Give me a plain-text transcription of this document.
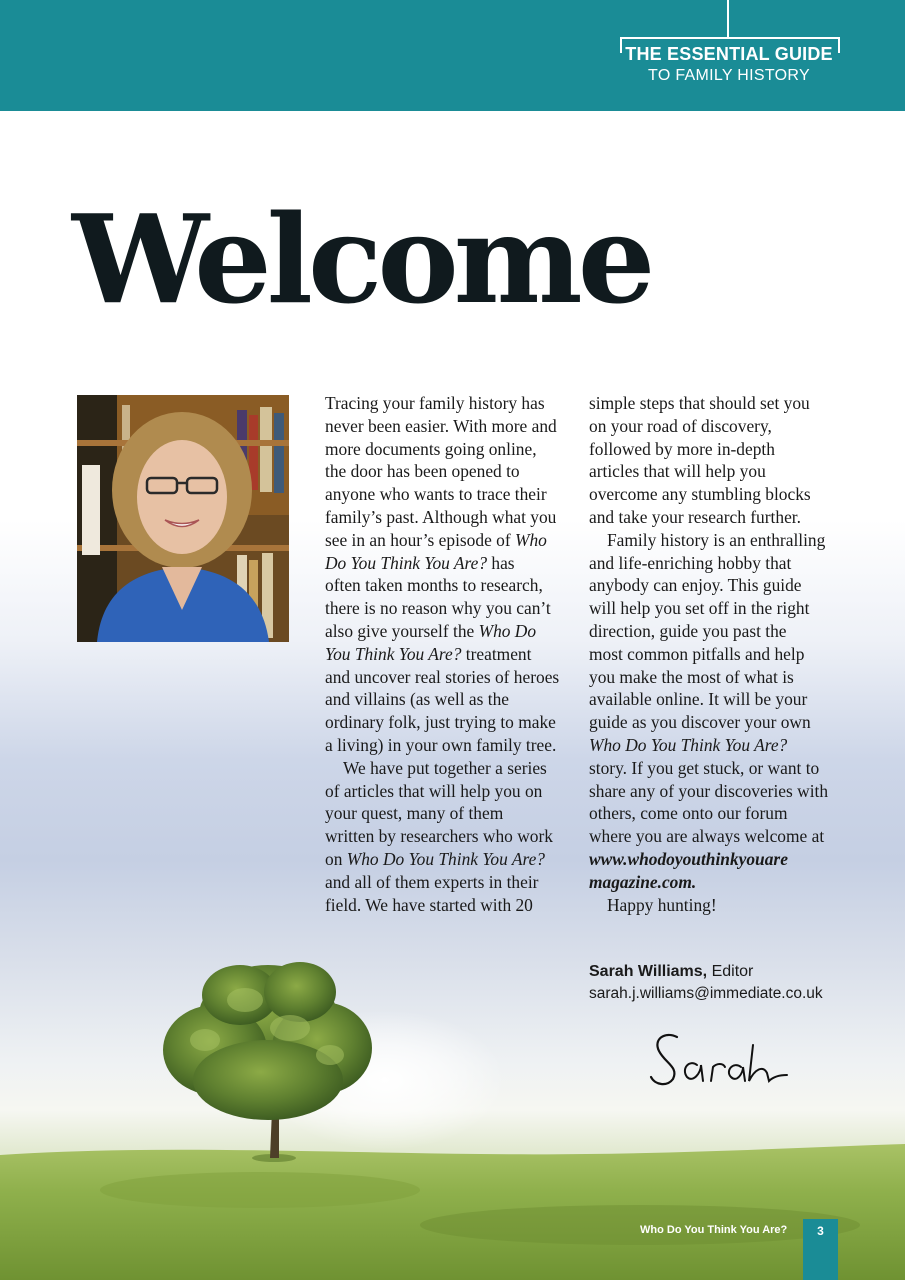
THE ESSENTIAL GUIDE
TO FAMILY HISTORY
Welcome
Tracing your family history has
never been easier. With more and
more documents going online,
the door has been opened to
anyone who wants to trace their
family’s past. Although what you
see in an hour’s episode of Who
Do You Think You Are? has
often taken months to research,
there is no reason why you can’t
also give yourself the Who Do
You Think You Are? treatment
and uncover real stories of heroes
and villains (as well as the
ordinary folk, just trying to make
a living) in your own family tree.
We have put together a series
of articles that will help you on
your quest, many of them
written by researchers who work
on Who Do You Think You Are?
and all of them experts in their
field. We have started with 20
simple steps that should set you
on your road of discovery,
followed by more in-depth
articles that will help you
overcome any stumbling blocks
and take your research further.
Family history is an enthralling
and life-enriching hobby that
anybody can enjoy. This guide
will help you set off in the right
direction, guide you past the
most common pitfalls and help
you make the most of what is
available online. It will be your
guide as you discover your own
Who Do You Think You Are?
story. If you get stuck, or want to
share any of your discoveries with
others, come onto our forum
where you are always welcome at
www.whodoyouthinkyouare
magazine.com.
Happy hunting!
Sarah Williams, Editor
sarah.j.williams@immediate.co.uk
Who Do You Think You Are?	3
